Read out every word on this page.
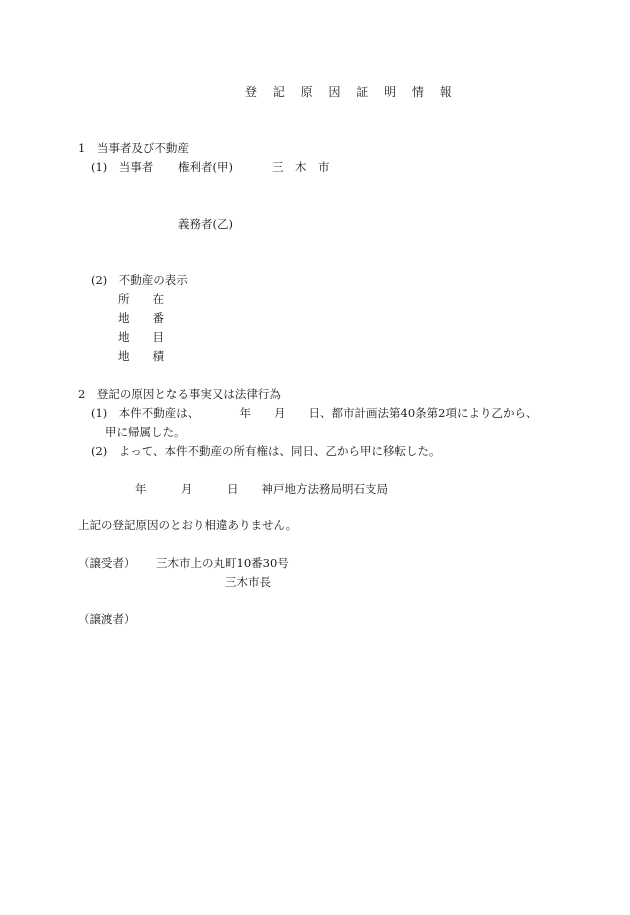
登 記 原 因 証 明 情 報
1　当事者及び不動産
(1)　当事者 権利者(甲)	三　木　市
義務者(乙)
(2)　不動産の表示
所　　在
地　　番
地　　目
地　　積
2　登記の原因となる事実又は法律行為
(1)　本件不動産は、　　　　年　　月　　日、都市計画法第40条第2項により乙から、
甲に帰属した。
(2)　よって、本件不動産の所有権は、同日、乙から甲に移転した。
年　　　月　　　日　　神戸地方法務局明石支局
上記の登記原因のとおり相違ありません。
（譲受者） 三木市上の丸町10番30号
三木市長
（譲渡者）
